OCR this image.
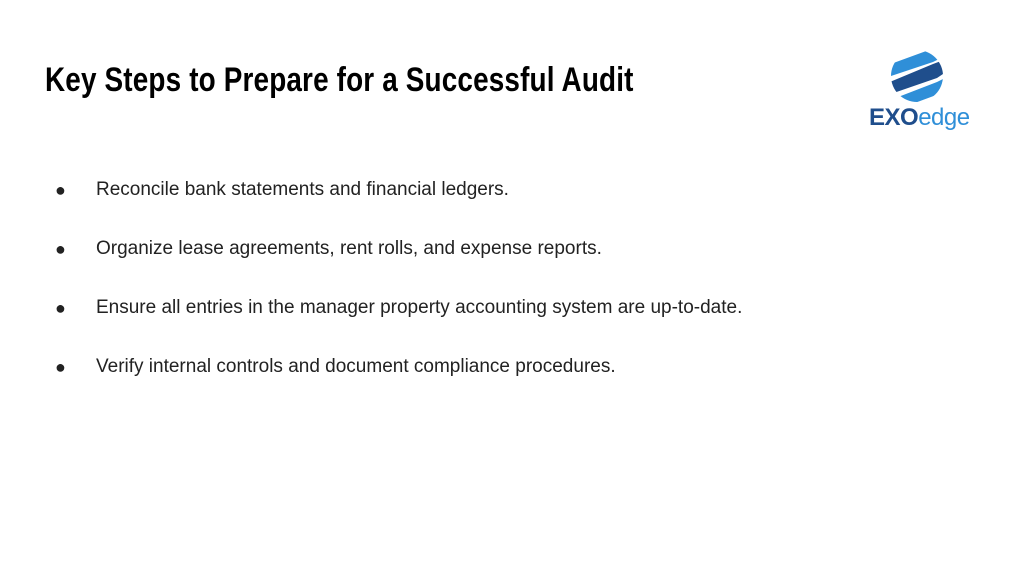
Key Steps to Prepare for a Successful Audit
EXOedge
●	Reconcile bank statements and financial ledgers.
●	Organize lease agreements, rent rolls, and expense reports.
●	Ensure all entries in the manager property accounting system are up-to-date.
●	Verify internal controls and document compliance procedures.
